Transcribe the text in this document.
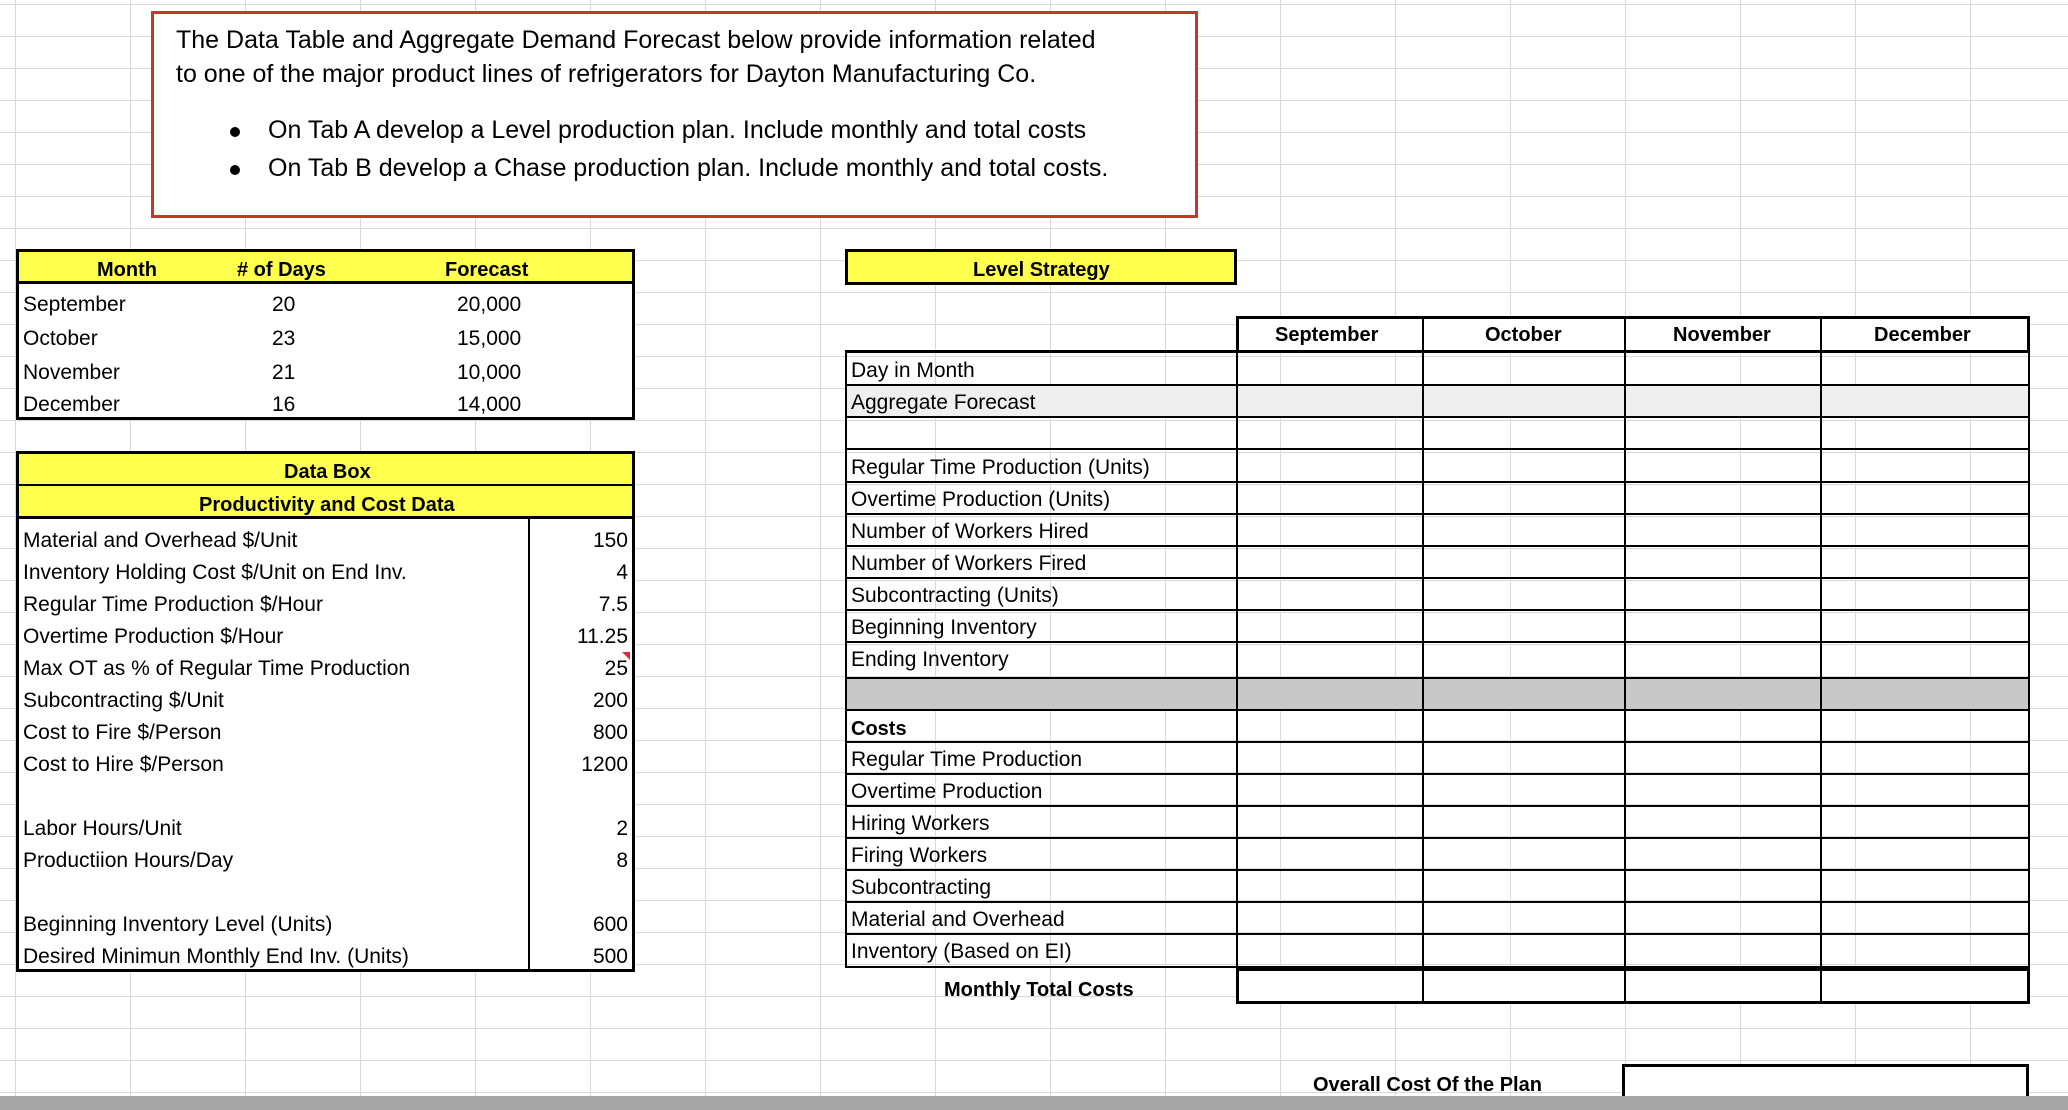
The Data Table and Aggregate Demand Forecast below provide information related
to one of the major product lines of refrigerators for Dayton Manufacturing Co.
On Tab A develop a Level production plan. Include monthly and total costs
On Tab B develop a Chase production plan. Include monthly and total costs.
Month	# of Days	Forecast
September	20	20,000
October	23	15,000
November	21	10,000
December	16	14,000
Data Box
Productivity and Cost Data
Material and Overhead $/Unit	150
Inventory Holding Cost $/Unit on End Inv.	4
Regular Time Production $/Hour	7.5
Overtime Production $/Hour	11.25
Max OT as % of Regular Time Production	25
Subcontracting $/Unit	200
Cost to Fire $/Person	800
Cost to Hire $/Person	1200
Labor Hours/Unit	2
Productiion Hours/Day	8
Beginning Inventory Level (Units)	600
Desired Minimun Monthly End Inv. (Units)	500
Level Strategy
September	October	November	December
Day in Month
Aggregate Forecast
Regular Time Production (Units)
Overtime Production (Units)
Number of Workers Hired
Number of Workers Fired
Subcontracting (Units)
Beginning Inventory
Ending Inventory
Costs
Regular Time Production
Overtime Production
Hiring Workers
Firing Workers
Subcontracting
Material and Overhead
Inventory (Based on EI)
Monthly Total Costs
Overall Cost Of the Plan
